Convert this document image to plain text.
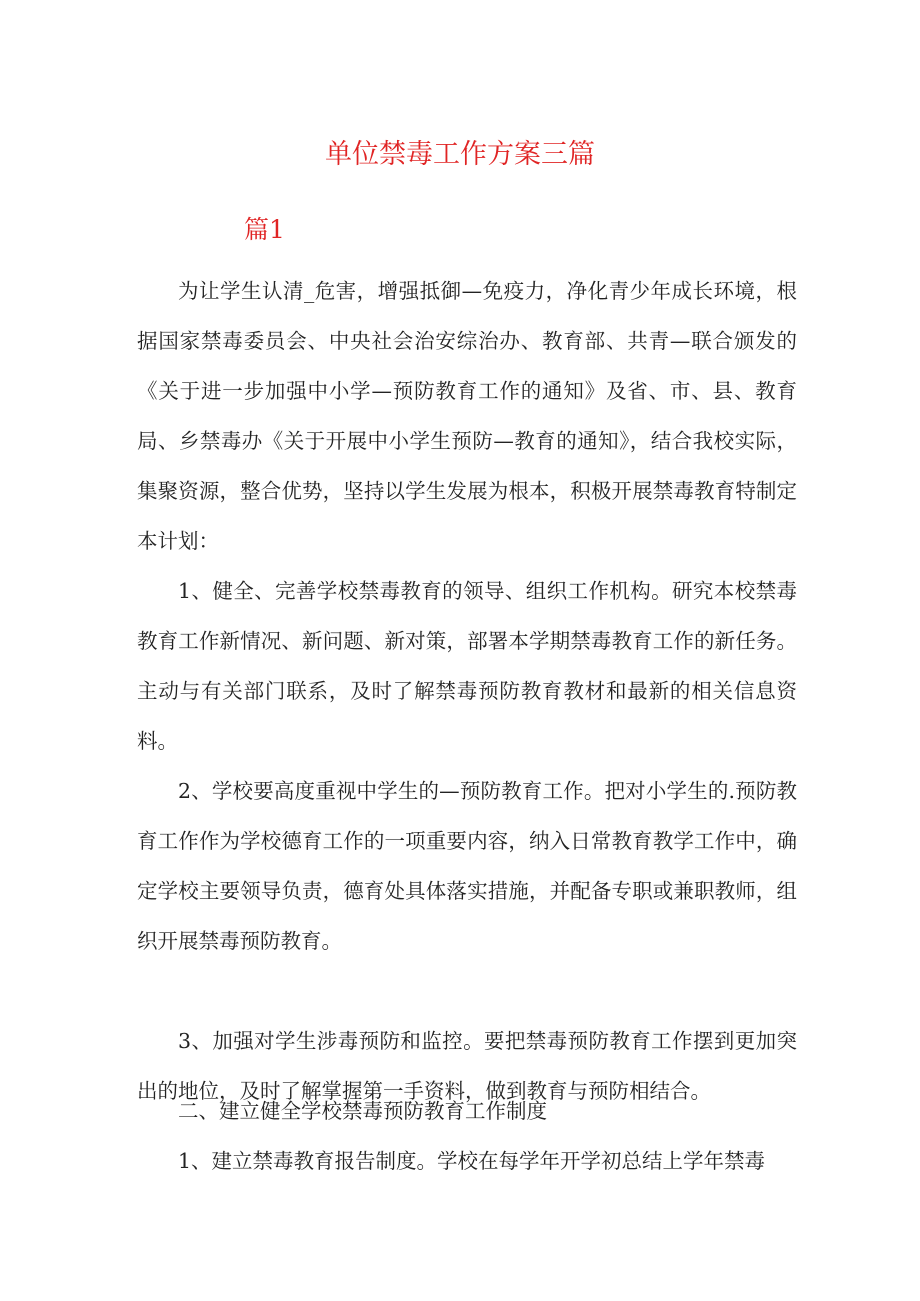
单位禁毒工作方案三篇
篇1

为让学生认清_危害，增强抵御—免疫力，净化青少年成长环境，根据国家禁毒委员会、中央社会治安综治办、教育部、共青—联合颁发的《关于进一步加强中小学—预防教育工作的通知》及省、市、县、教育局、乡禁毒办《关于开展中小学生预防—教育的通知》，结合我校实际，集聚资源，整合优势，坚持以学生发展为根本，积极开展禁毒教育特制定本计划：

1、健全、完善学校禁毒教育的领导、组织工作机构。研究本校禁毒教育工作新情况、新问题、新对策，部署本学期禁毒教育工作的新任务。主动与有关部门联系，及时了解禁毒预防教育教材和最新的相关信息资料。

2、学校要高度重视中学生的—预防教育工作。把对小学生的.预防教育工作作为学校德育工作的一项重要内容，纳入日常教育教学工作中，确定学校主要领导负责，德育处具体落实措施，并配备专职或兼职教师，组织开展禁毒预防教育。

3、加强对学生涉毒预防和监控。要把禁毒预防教育工作摆到更加突出的地位，及时了解掌握第一手资料，做到教育与预防相结合。

二、建立健全学校禁毒预防教育工作制度

1、建立禁毒教育报告制度。学校在每学年开学初总结上学年禁毒
